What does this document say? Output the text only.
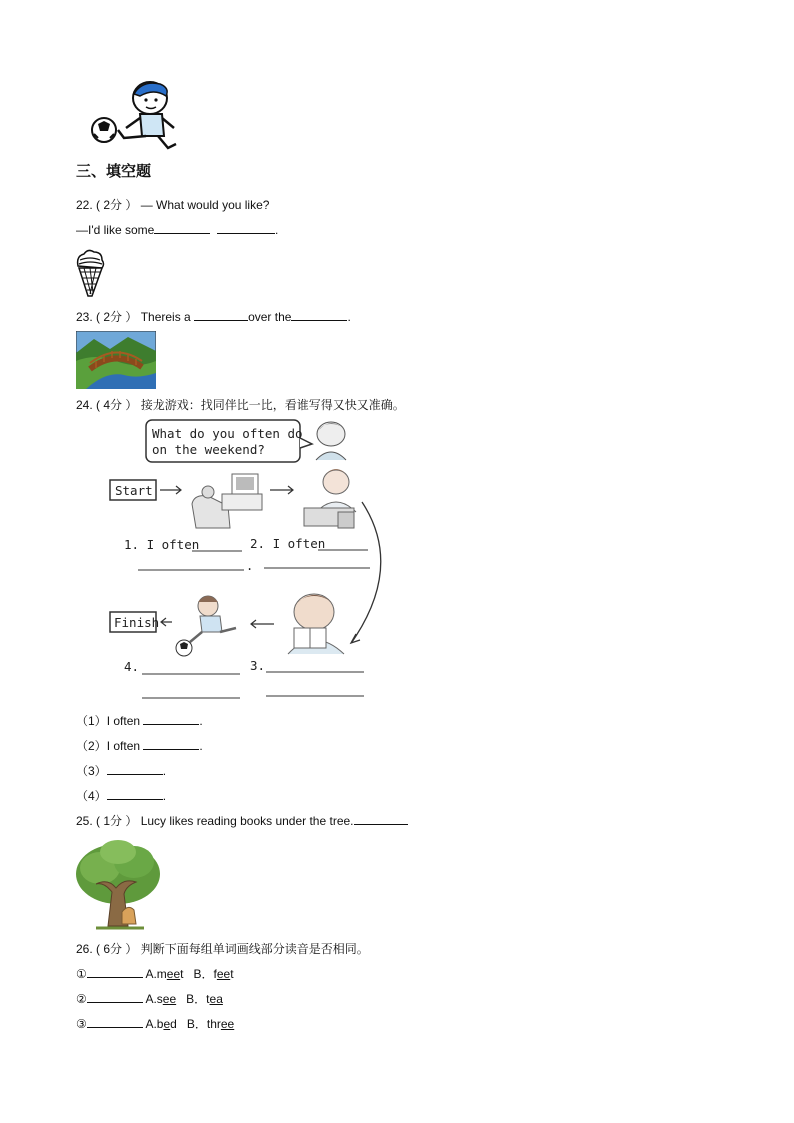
三、填空题
22. ( 2分 ） — What would you like?
—I'd like some	.
23. ( 2分 ） Thereis a	over the	.
24. ( 4分 ） 接龙游戏：找同伴比一比，看谁写得又快又准确。
What do you often do
on the weekend?
Start
1. I often	2. I often
.
Finish
4.	3.
（1）I often	.
（2）I often	.
（3）	.
（4）	.
25. ( 1分 ） Lucy likes reading books under the tree.
26. ( 6分 ） 判断下面每组单词画线部分读音是否相同。
①	A.meet B．feet
②	A.see B．tea
③	A.bed B．three
